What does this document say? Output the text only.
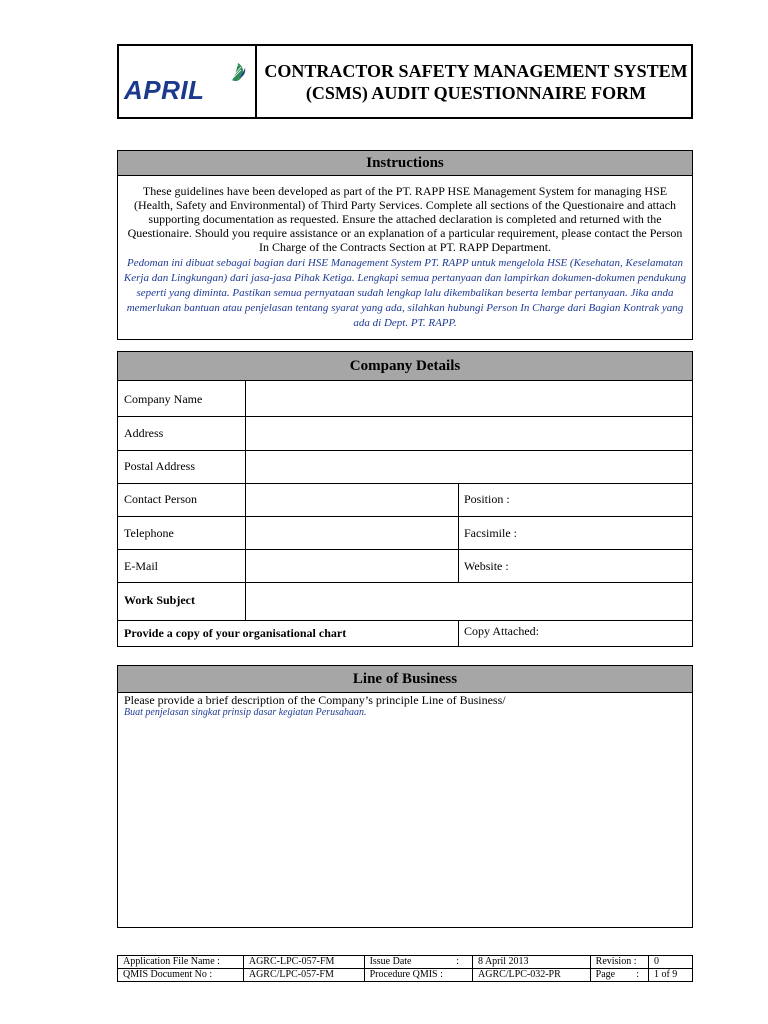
APRIL
CONTRACTOR SAFETY MANAGEMENT SYSTEM
(CSMS) AUDIT QUESTIONNAIRE FORM
Instructions
These guidelines have been developed as part of the PT. RAPP HSE Management System for managing HSE (Health, Safety and Environmental) of Third Party Services. Complete all sections of the Questionaire and attach supporting documentation as requested. Ensure the attached declaration is completed and returned with the Questionaire. Should you require assistance or an explanation of a particular requirement, please contact the Person In Charge of the Contracts Section at PT. RAPP Department.
Pedoman ini dibuat sebagai bagian dari HSE Management System PT. RAPP untuk mengelola HSE (Kesehatan, Keselamatan Kerja dan Lingkungan) dari jasa-jasa Pihak Ketiga. Lengkapi semua pertanyaan dan lampirkan dokumen-dokumen pendukung seperti yang diminta. Pastikan semua pernyataan sudah lengkap lalu dikembalikan beserta lembar pertanyaan. Jika anda memerlukan bantuan atau penjelasan tentang syarat yang ada, silahkan hubungi Person In Charge dari Bagian Kontrak yang ada di Dept. PT. RAPP.
Company Details
Company Name
Address
Postal Address
Contact Person	Position :
Telephone	Facsimile :
E-Mail	Website :
Work Subject
Provide a copy of your organisational chart	Copy Attached:
Line of Business
Please provide a brief description of the Company’s principle Line of Business/
Buat penjelasan singkat prinsip dasar kegiatan Perusahaan.
Application File Name :	AGRC-LPC-057-FM	Issue Date :	8 April 2013	Revision :	0
QMIS Document No :	AGRC/LPC-057-FM	Procedure QMIS :	AGRC/LPC-032-PR	Page :	1 of 9
